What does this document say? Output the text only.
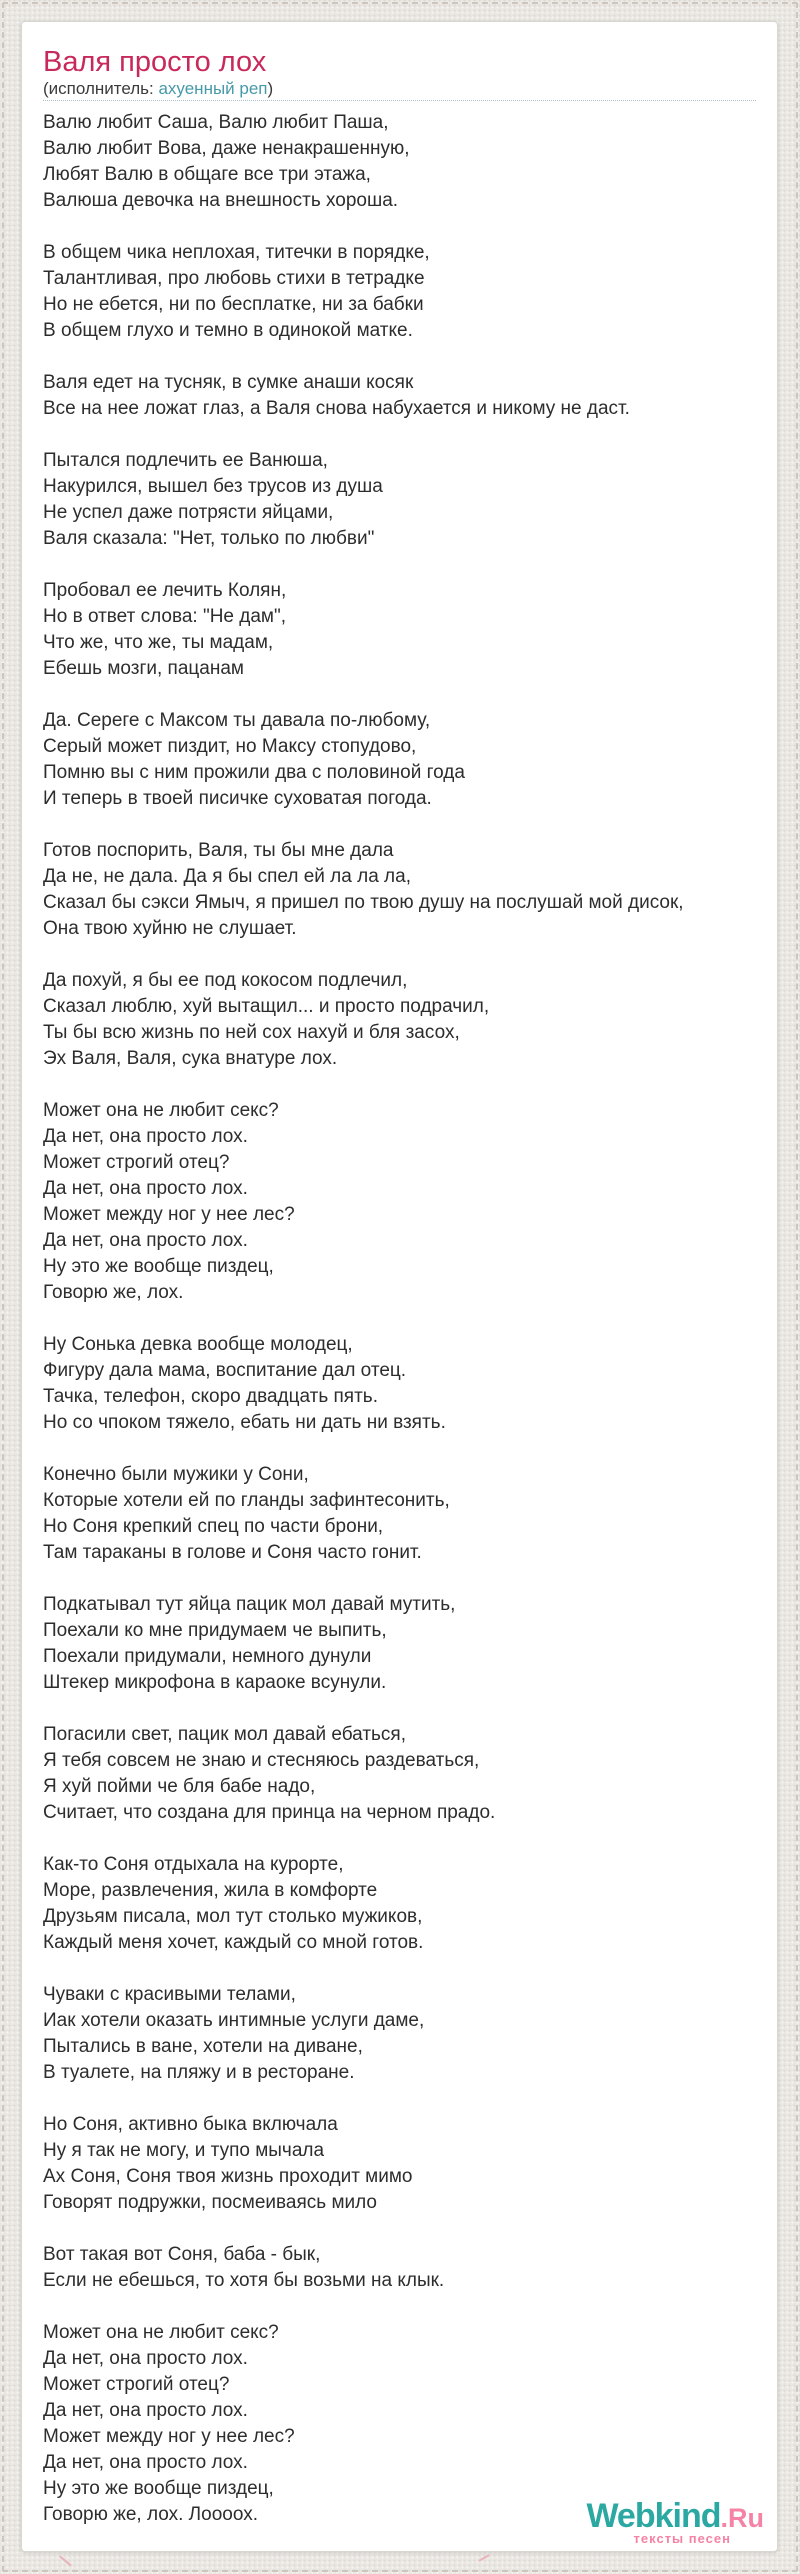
Валя просто лох
(исполнитель: ахуенный реп)

Валю любит Саша, Валю любит Паша,
Валю любит Вова, даже ненакрашенную,
Любят Валю в общаге все три этажа,
Валюша девочка на внешность хороша.

В общем чика неплохая, титечки в порядке,
Талантливая, про любовь стихи в тетрадке
Но не ебется, ни по бесплатке, ни за бабки
В общем глухо и темно в одинокой матке.

Валя едет на тусняк, в сумке анаши косяк
Все на нее ложат глаз, а Валя снова набухается и никому не даст.

Пытался подлечить ее Ванюша,
Накурился, вышел без трусов из душа
Не успел даже потрясти яйцами,
Валя сказала: "Нет, только по любви"

Пробовал ее лечить Колян,
Но в ответ слова: "Не дам",
Что же, что же, ты мадам,
Ебешь мозги, пацанам

Да. Сереге с Максом ты давала по-любому,
Серый может пиздит, но Максу стопудово,
Помню вы с ним прожили два с половиной года
И теперь в твоей писичке суховатая погода.

Готов поспорить, Валя, ты бы мне дала
Да не, не дала. Да я бы спел ей ла ла ла,
Сказал бы сэкси Ямыч, я пришел по твою душу на послушай мой дисок,
Она твою хуйню не слушает.

Да похуй, я бы ее под кокосом подлечил,
Сказал люблю, хуй вытащил... и просто подрачил,
Ты бы всю жизнь по ней сох нахуй и бля засох,
Эх Валя, Валя, сука внатуре лох.

Может она не любит секс?
Да нет, она просто лох.
Может строгий отец?
Да нет, она просто лох.
Может между ног у нее лес?
Да нет, она просто лох.
Ну это же вообще пиздец,
Говорю же, лох.

Ну Сонька девка вообще молодец,
Фигуру дала мама, воспитание дал отец.
Тачка, телефон, скоро двадцать пять.
Но со чпоком тяжело, ебать ни дать ни взять.

Конечно были мужики у Сони,
Которые хотели ей по гланды зафинтесонить,
Но Соня крепкий спец по части брони,
Там тараканы в голове и Соня часто гонит.

Подкатывал тут яйца пацик мол давай мутить,
Поехали ко мне придумаем че выпить,
Поехали придумали, немного дунули
Штекер микрофона в караоке всунули.

Погасили свет, пацик мол давай ебаться,
Я тебя совсем не знаю и стесняюсь раздеваться,
Я хуй пойми че бля бабе надо,
Считает, что создана для принца на черном прадо.

Как-то Соня отдыхала на курорте,
Море, развлечения, жила в комфорте
Друзьям писала, мол тут столько мужиков,
Каждый меня хочет, каждый со мной готов.

Чуваки с красивыми телами,
Иак хотели оказать интимные услуги даме,
Пытались в ване, хотели на диване,
В туалете, на пляжу и в ресторане.

Но Соня, активно быка включала
Ну я так не могу, и тупо мычала
Ах Соня, Соня твоя жизнь проходит мимо
Говорят подружки, посмеиваясь мило

Вот такая вот Соня, баба - бык,
Если не ебешься, то хотя бы возьми на клык.

Может она не любит секс?
Да нет, она просто лох.
Может строгий отец?
Да нет, она просто лох.
Может между ног у нее лес?
Да нет, она просто лох.
Ну это же вообще пиздец,
Говорю же, лох. Лоооох.	Webkind.Ru
тексты песен
